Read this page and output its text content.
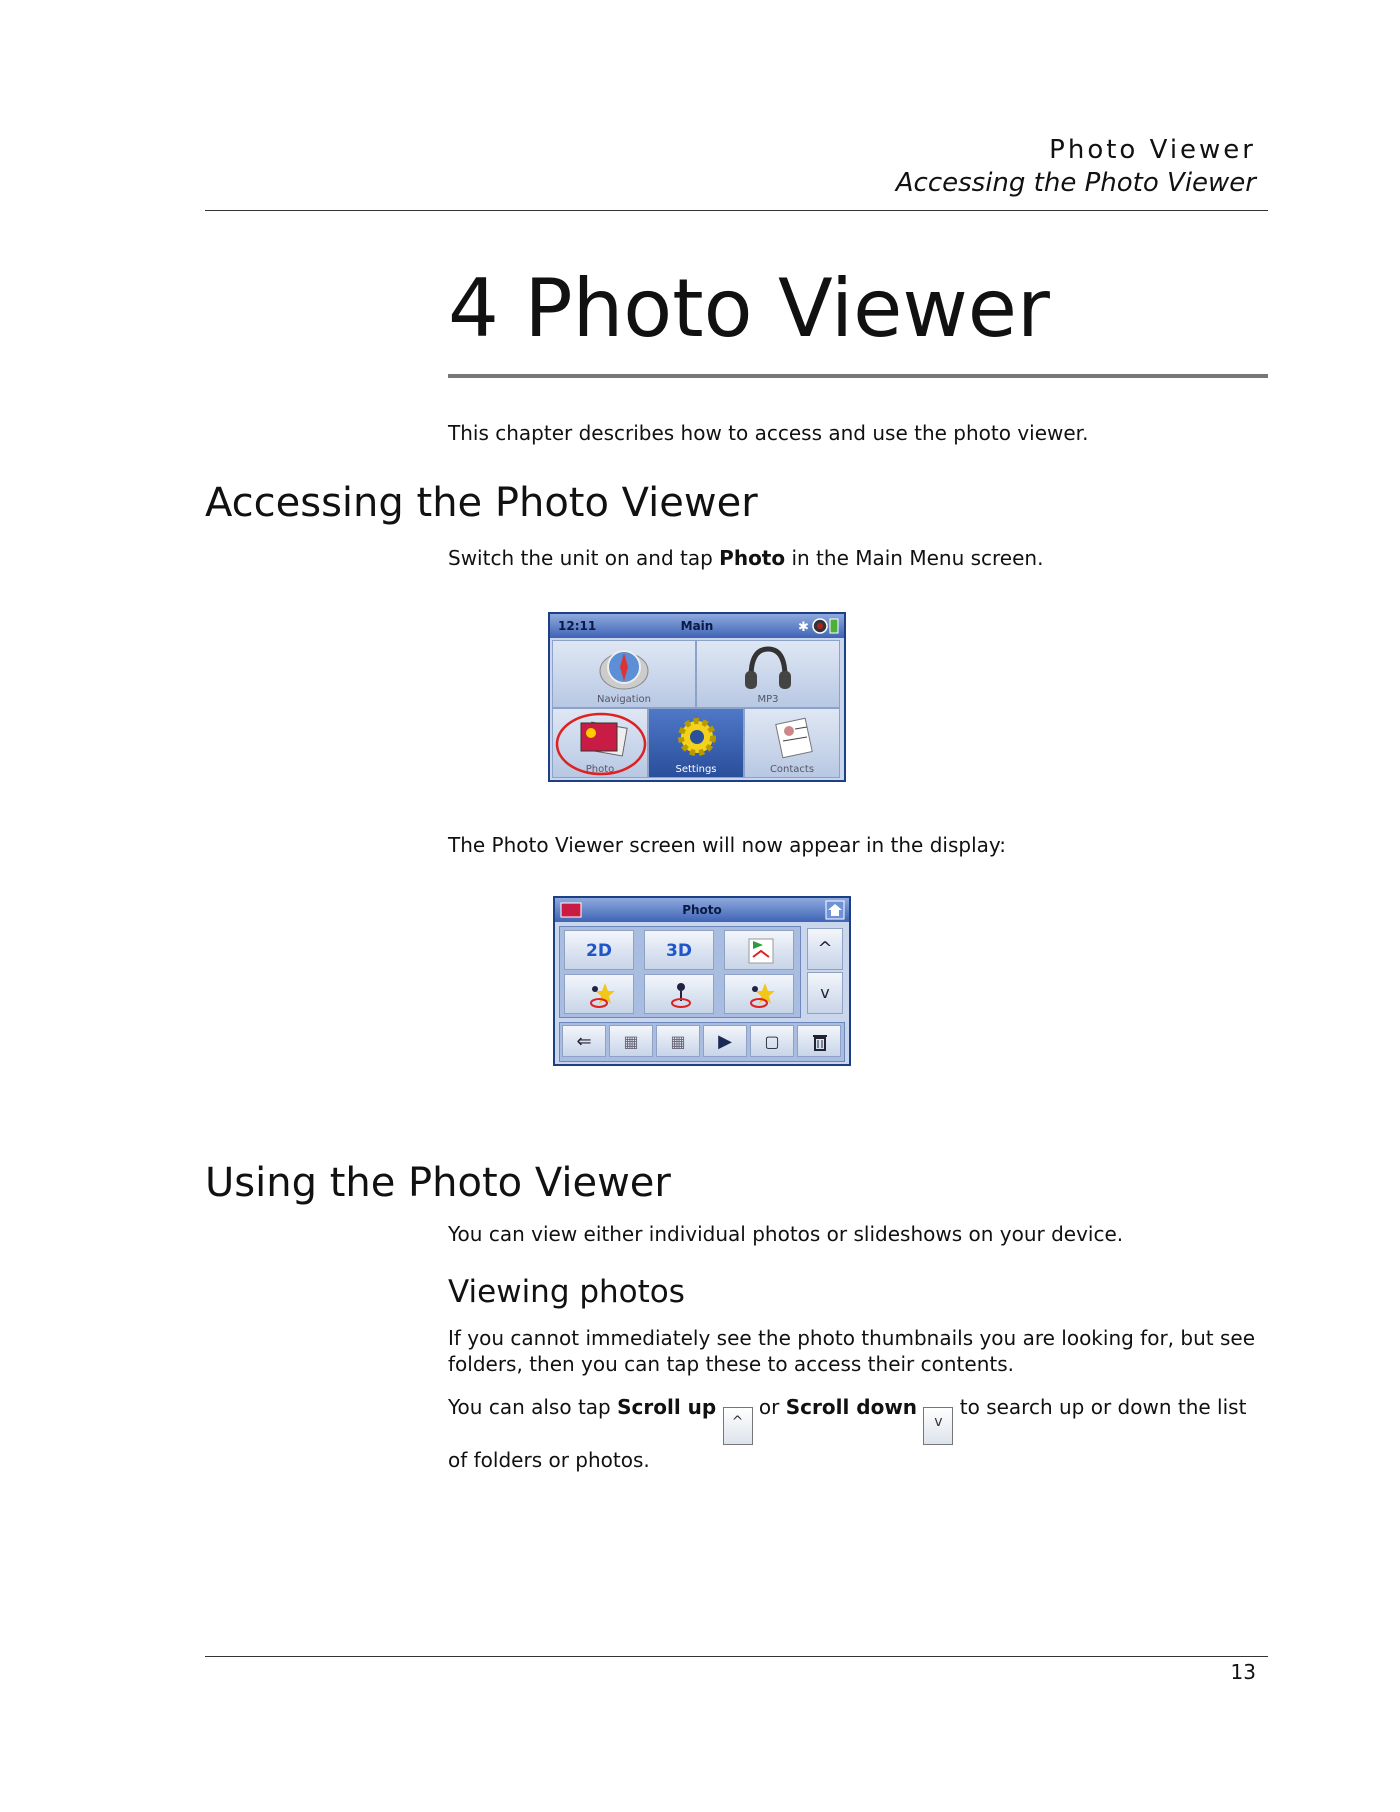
Photo Viewer
Accessing the Photo Viewer
4 Photo Viewer
This chapter describes how to access and use the photo viewer.
Accessing the Photo Viewer
Switch the unit on and tap Photo in the Main Menu screen.
12:11	Main	✱
Navigation	MP3
Photo	Settings	Contacts
The Photo Viewer screen will now appear in the display:
Photo
2D	3D	^
v
⇐	▦	▦	▶	▢
Using the Photo Viewer
You can view either individual photos or slideshows on your device.
Viewing photos
If you cannot immediately see the photo thumbnails you are looking for, but see folders, then you can tap these to access their contents.
You can also tap Scroll up ^ or Scroll down v to search up or down the list of folders or photos.
13
